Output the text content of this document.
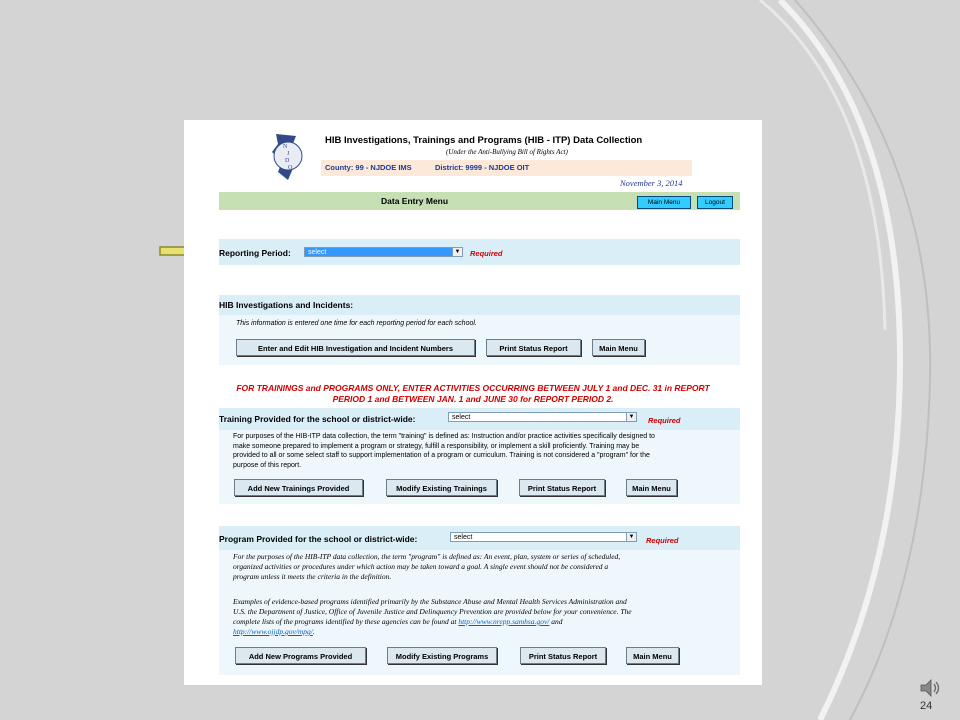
N
J
D
O
E
HIB Investigations, Trainings and Programs (HIB - ITP) Data Collection
(Under the Anti-Bullying Bill of Rights Act)
County: 99 - NJDOE IMS	District: 9999 - NJDOE OIT
November 3, 2014
Data Entry Menu	Main Menu	Logout
Reporting Period:	select	▼ Required
HIB Investigations and Incidents:
This information is entered one time for each reporting period for each school.
Enter and Edit HIB Investigation and Incident Numbers	Print Status Report	Main Menu
FOR TRAININGS and PROGRAMS ONLY, ENTER ACTIVITIES OCCURRING BETWEEN JULY 1 and DEC. 31 in REPORT
PERIOD 1 and BETWEEN JAN. 1 and JUNE 30 for REPORT PERIOD 2.
Training Provided for the school or district-wide:	select	▼ Required
For purposes of the HIB-ITP data collection, the term "training" is defined as: Instruction and/or practice activities specifically designed to
make someone prepared to implement a program or strategy, fulfill a responsibility, or implement a skill proficiently. Training may be
provided to all or some select staff to support implementation of a program or curriculum. Training is not considered a "program" for the
purpose of this report.
Add New Trainings Provided	Modify Existing Trainings	Print Status Report	Main Menu
Program Provided for the school or district-wide:	select	▼ Required
For the purposes of the HIB-ITP data collection, the term "program" is defined as: An event, plan, system or series of scheduled,
organized activities or procedures under which action may be taken toward a goal. A single event should not be considered a
program unless it meets the criteria in the definition.
Examples of evidence-based programs identified primarily by the Substance Abuse and Mental Health Services Administration and
U.S. the Department of Justice, Office of Juvenile Justice and Delinquency Prevention are provided below for your convenience. The
complete lists of the programs identified by these agencies can be found at http://www.nrepp.samhsa.gov/ and
http://www.ojjdp.gov/mpg/.
Add New Programs Provided	Modify Existing Programs	Print Status Report	Main Menu
24
